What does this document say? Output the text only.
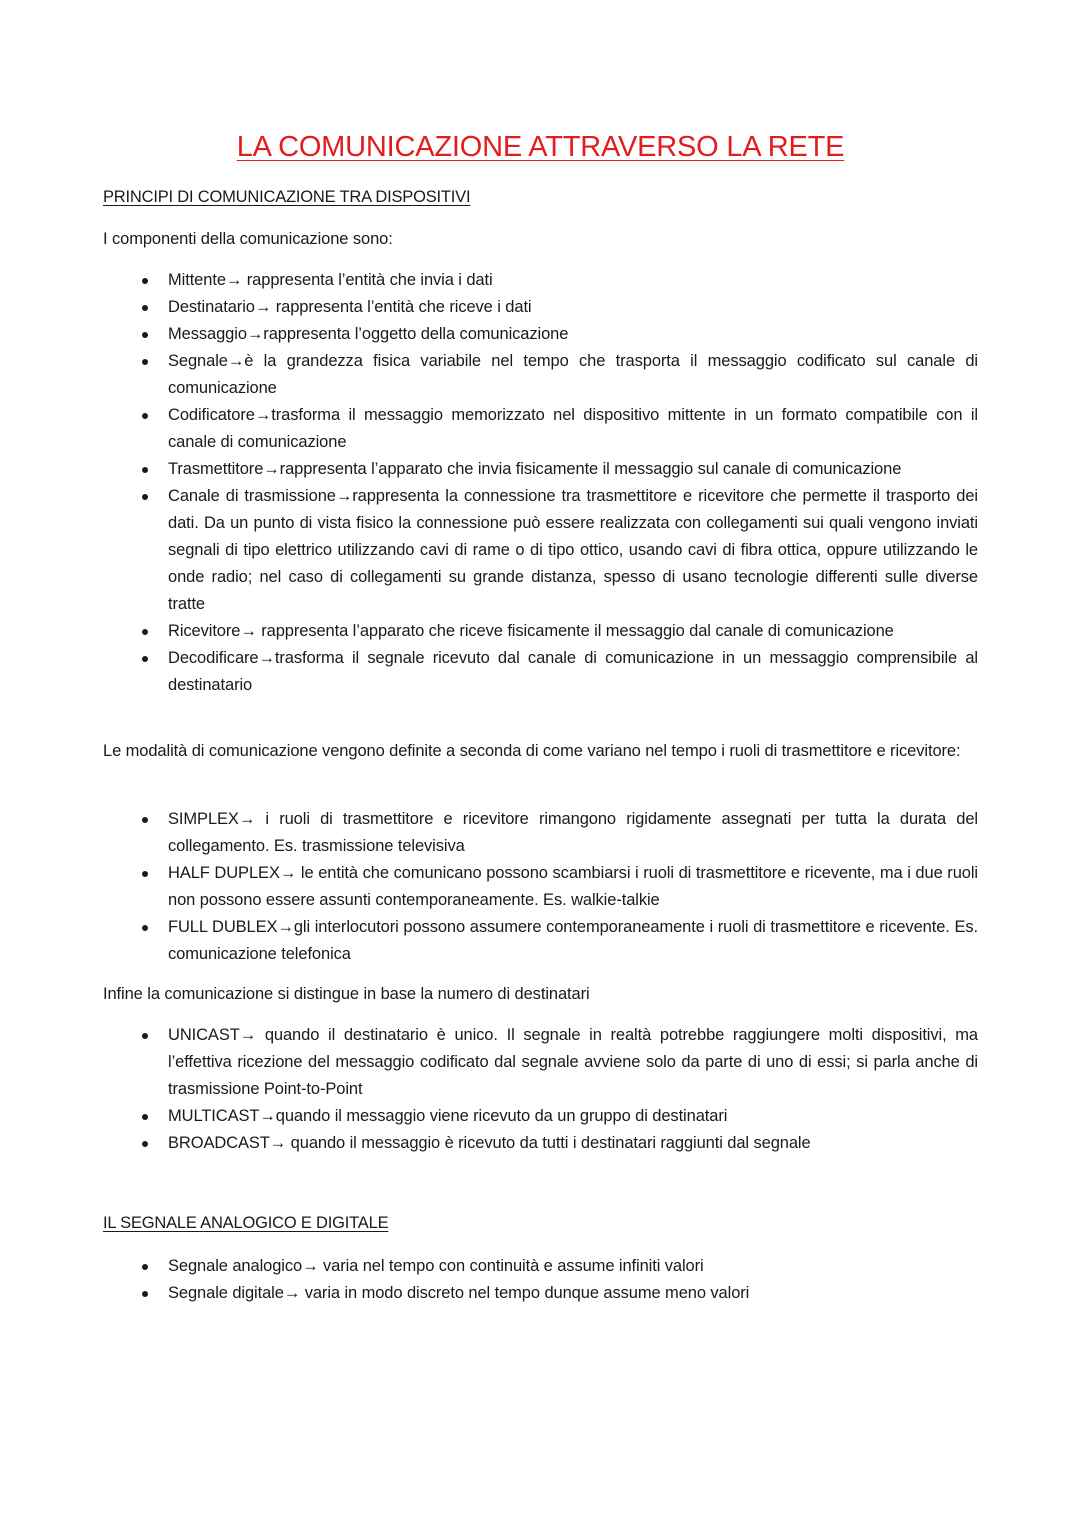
LA COMUNICAZIONE ATTRAVERSO LA RETE
PRINCIPI DI COMUNICAZIONE TRA DISPOSITIVI
I componenti della comunicazione sono:
Mittente→ rappresenta l’entità che invia i dati
Destinatario→ rappresenta l’entità che riceve i dati
Messaggio→rappresenta l’oggetto della comunicazione
Segnale→è la grandezza fisica variabile nel tempo che trasporta il messaggio codificato sul canale di comunicazione
Codificatore→trasforma il messaggio memorizzato nel dispositivo mittente in un formato compatibile con il canale di comunicazione
Trasmettitore→rappresenta l’apparato che invia fisicamente il messaggio sul canale di comunicazione
Canale di trasmissione→rappresenta la connessione tra trasmettitore e ricevitore che permette il trasporto dei dati. Da un punto di vista fisico la connessione può essere realizzata con collegamenti sui quali vengono inviati segnali di tipo elettrico utilizzando cavi di rame o di tipo ottico, usando cavi di fibra ottica, oppure utilizzando le onde radio; nel caso di collegamenti su grande distanza, spesso di usano tecnologie differenti sulle diverse tratte
Ricevitore→ rappresenta l’apparato che riceve fisicamente il messaggio dal canale di comunicazione
Decodificare→trasforma il segnale ricevuto dal canale di comunicazione in un messaggio comprensibile al destinatario
Le modalità di comunicazione vengono definite a seconda di come variano nel tempo i ruoli di trasmettitore e ricevitore:
SIMPLEX→ i ruoli di trasmettitore e ricevitore rimangono rigidamente assegnati per tutta la durata del collegamento. Es. trasmissione televisiva
HALF DUPLEX→ le entità che comunicano possono scambiarsi i ruoli di trasmettitore e ricevente, ma i due ruoli non possono essere assunti contemporaneamente. Es. walkie-talkie
FULL DUBLEX→gli interlocutori possono assumere contemporaneamente i ruoli di trasmettitore e ricevente. Es. comunicazione telefonica
Infine la comunicazione si distingue in base la numero di destinatari
UNICAST→ quando il destinatario è unico. Il segnale in realtà potrebbe raggiungere molti dispositivi, ma l’effettiva ricezione del messaggio codificato dal segnale avviene solo da parte di uno di essi; si parla anche di trasmissione Point-to-Point
MULTICAST→quando il messaggio viene ricevuto da un gruppo di destinatari
BROADCAST→ quando il messaggio è ricevuto da tutti i destinatari raggiunti dal segnale
IL SEGNALE ANALOGICO E DIGITALE
Segnale analogico→ varia nel tempo con continuità e assume infiniti valori
Segnale digitale→ varia in modo discreto nel tempo dunque assume meno valori
